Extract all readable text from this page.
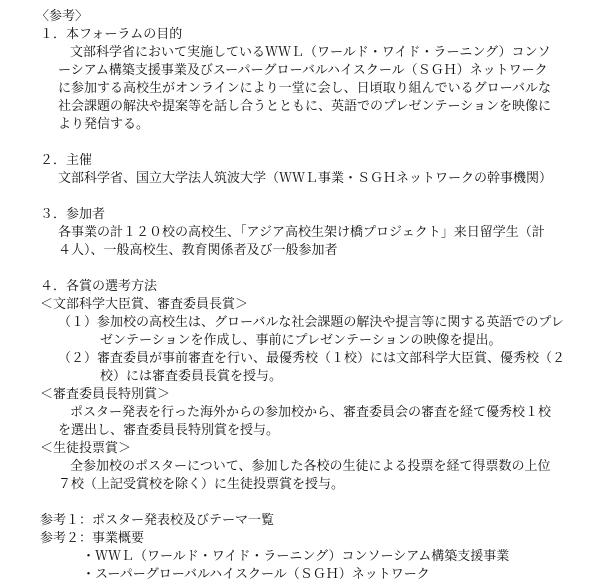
〈参考〉
１．本フォーラムの目的
文部科学省において実施しているＷＷＬ（ワールド・ワイド・ラーニング）コンソ
ーシアム構築支援事業及びスーパーグローバルハイスクール（ＳＧＨ）ネットワーク
に参加する高校生がオンラインにより一堂に会し、日頃取り組んでいるグローバルな
社会課題の解決や提案等を話し合うとともに、英語でのプレゼンテーションを映像に
より発信する。
２．主催
文部科学省、国立大学法人筑波大学（ＷＷＬ事業・ＳＧＨネットワークの幹事機関）
３．参加者
各事業の計１２０校の高校生、「アジア高校生架け橋プロジェクト」来日留学生（計
４人）、一般高校生、教育関係者及び一般参加者
４．各賞の選考方法
＜文部科学大臣賞、審査委員長賞＞
（１）参加校の高校生は、グローバルな社会課題の解決や提言等に関する英語でのプレ
ゼンテーションを作成し、事前にプレゼンテーションの映像を提出。
（２）審査委員が事前審査を行い、最優秀校（１校）には文部科学大臣賞、優秀校（２
校）には審査委員長賞を授与。
＜審査委員長特別賞＞
ポスター発表を行った海外からの参加校から、審査委員会の審査を経て優秀校１校
を選出し、審査委員長特別賞を授与。
＜生徒投票賞＞
全参加校のポスターについて、参加した各校の生徒による投票を経て得票数の上位
７校（上記受賞校を除く）に生徒投票賞を授与。
参考１：ポスター発表校及びテーマ一覧
参考２：事業概要
・ＷＷＬ（ワールド・ワイド・ラーニング）コンソーシアム構築支援事業
・スーパーグローバルハイスクール（ＳＧＨ）ネットワーク
